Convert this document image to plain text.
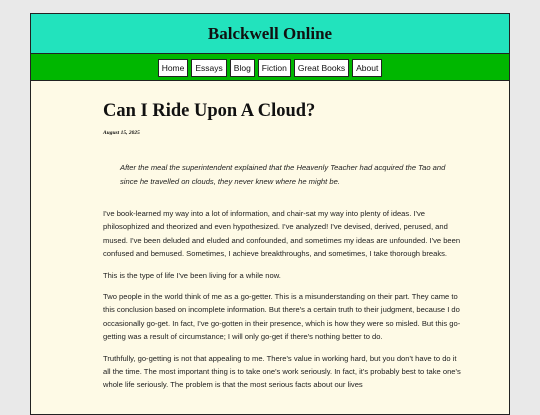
Balckwell Online
Home	Essays	Blog	Fiction	Great Books	About
Can I Ride Upon A Cloud?
August 15, 2025
After the meal the superintendent explained that the Heavenly Teacher had acquired the Tao and since he travelled on clouds, they never knew where he might be.

I've book-learned my way into a lot of information, and chair-sat my way into plenty of ideas. I've philosophized and theorized and even hypothesized. I've analyzed! I've devised, derived, perused, and mused. I've been deluded and eluded and confounded, and sometimes my ideas are unfounded. I've been confused and bemused. Sometimes, I achieve breakthroughs, and sometimes, I take thorough breaks.

This is the type of life I've been living for a while now.

Two people in the world think of me as a go-getter. This is a misunderstanding on their part. They came to this conclusion based on incomplete information. But there's a certain truth to their judgment, because I do occasionally go-get. In fact, I've go-gotten in their presence, which is how they were so misled. But this go-getting was a result of circumstance; I will only go-get if there's nothing better to do.

Truthfully, go-getting is not that appealing to me. There's value in working hard, but you don't have to do it all the time. The most important thing is to take one's work seriously. In fact, it's probably best to take one's whole life seriously. The problem is that the most serious facts about our lives
